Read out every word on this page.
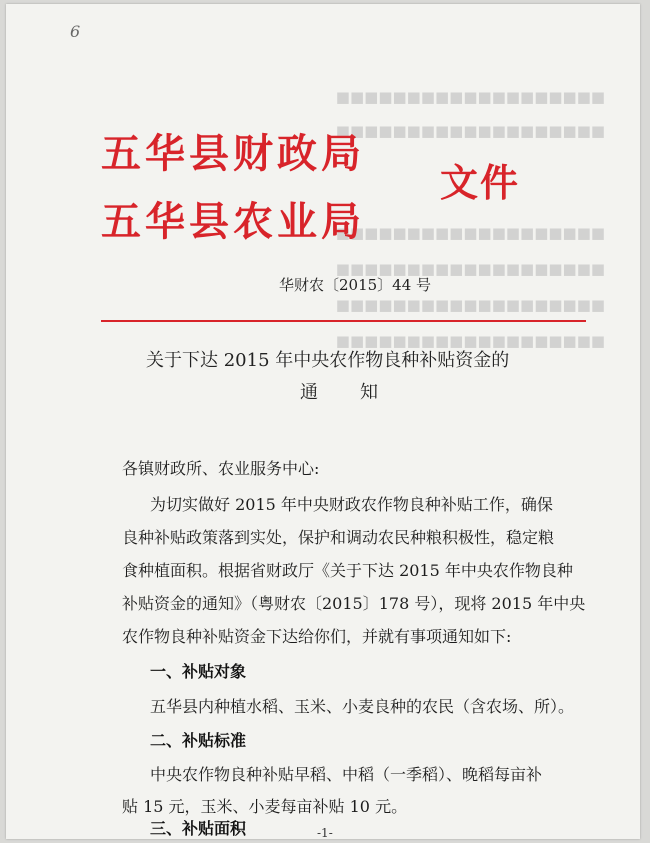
■■■■■■■■■■■■■■■■■■■
■■■■■■■■■■■■■■■■■■■
■■■■■■■■■■■■■■■■■■■
■■■■■■■■■■■■■■■■■■■
■■■■■■■■■■■■■■■■■■■
■■■■■■■■■■■■■■■■■■■
6
五华县财政局
五华县农业局
文件
华财农〔2015〕44 号
关于下达 2015 年中央农作物良种补贴资金的
通　　知
各镇财政所、农业服务中心:
为切实做好 2015 年中央财政农作物良种补贴工作，确保
良种补贴政策落到实处，保护和调动农民种粮积极性，稳定粮
食种植面积。根据省财政厅《关于下达 2015 年中央农作物良种
补贴资金的通知》（粤财农〔2015〕178 号），现将 2015 年中央
农作物良种补贴资金下达给你们，并就有事项通知如下:
一、补贴对象
五华县内种植水稻、玉米、小麦良种的农民（含农场、所）。
二、补贴标准
中央农作物良种补贴早稻、中稻（一季稻）、晚稻每亩补
贴 15 元，玉米、小麦每亩补贴 10 元。
三、补贴面积	-1-
